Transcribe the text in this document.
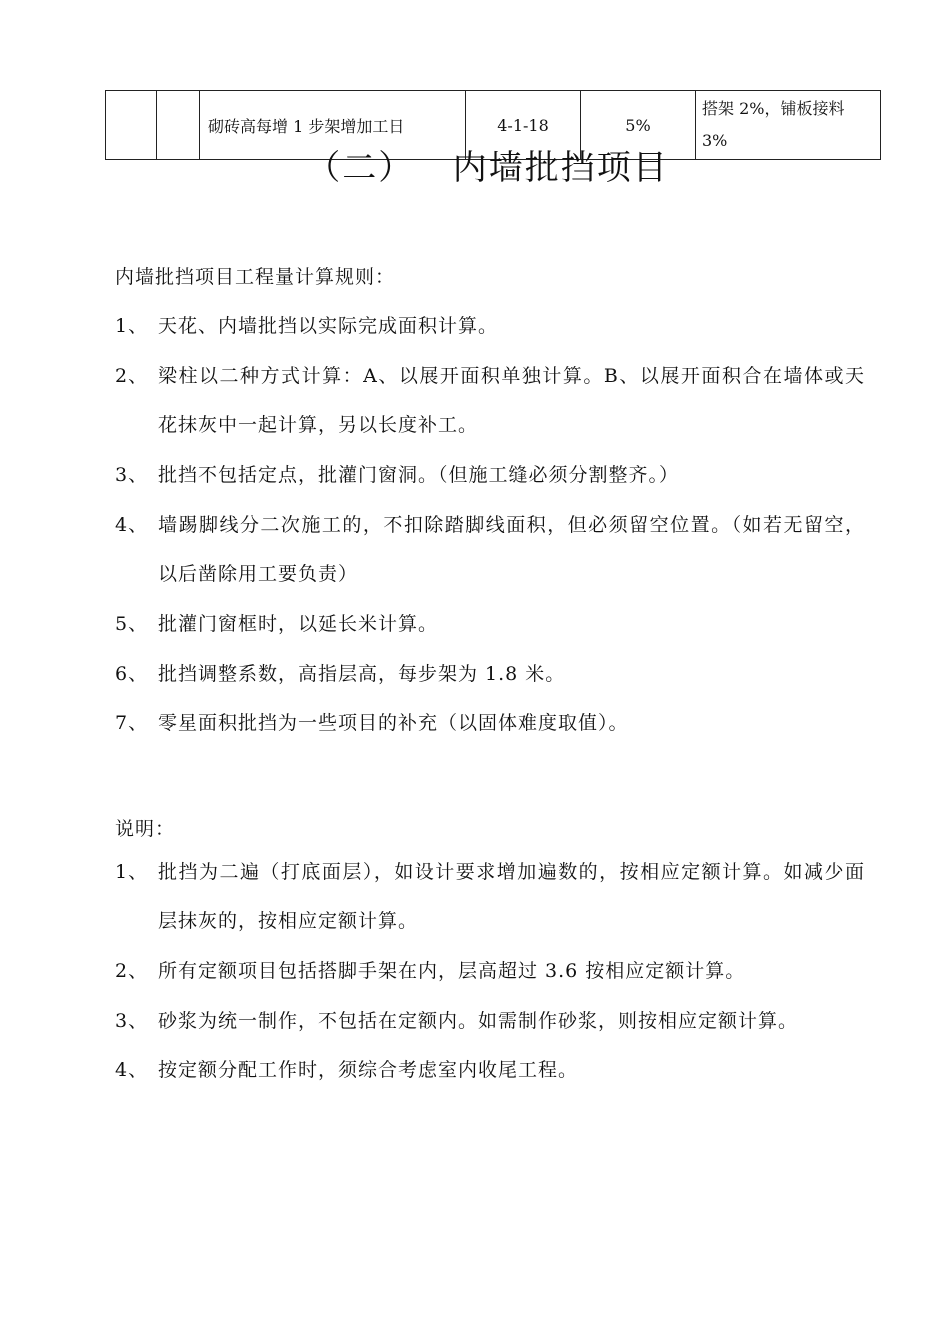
		砌砖高每增 1 步架增加工日	4-1-18	5%	搭架 2%，铺板接料 3%
（二）   内墙批挡项目
内墙批挡项目工程量计算规则：
1、 天花、内墙批挡以实际完成面积计算。
2、 梁柱以二种方式计算：A、以展开面积单独计算。B、以展开面积合在墙体或天花抹灰中一起计算，另以长度补工。
3、 批挡不包括定点，批灌门窗洞。（但施工缝必须分割整齐。）
4、 墙踢脚线分二次施工的，不扣除踏脚线面积，但必须留空位置。（如若无留空，以后凿除用工要负责）
5、 批灌门窗框时，以延长米计算。
6、 批挡调整系数，高指层高，每步架为 1.8 米。
7、 零星面积批挡为一些项目的补充（以固体难度取值）。
说明：
1、 批挡为二遍（打底面层），如设计要求增加遍数的，按相应定额计算。如减少面层抹灰的，按相应定额计算。
2、 所有定额项目包括搭脚手架在内，层高超过 3.6 按相应定额计算。
3、 砂浆为统一制作，不包括在定额内。如需制作砂浆，则按相应定额计算。
4、 按定额分配工作时，须综合考虑室内收尾工程。
